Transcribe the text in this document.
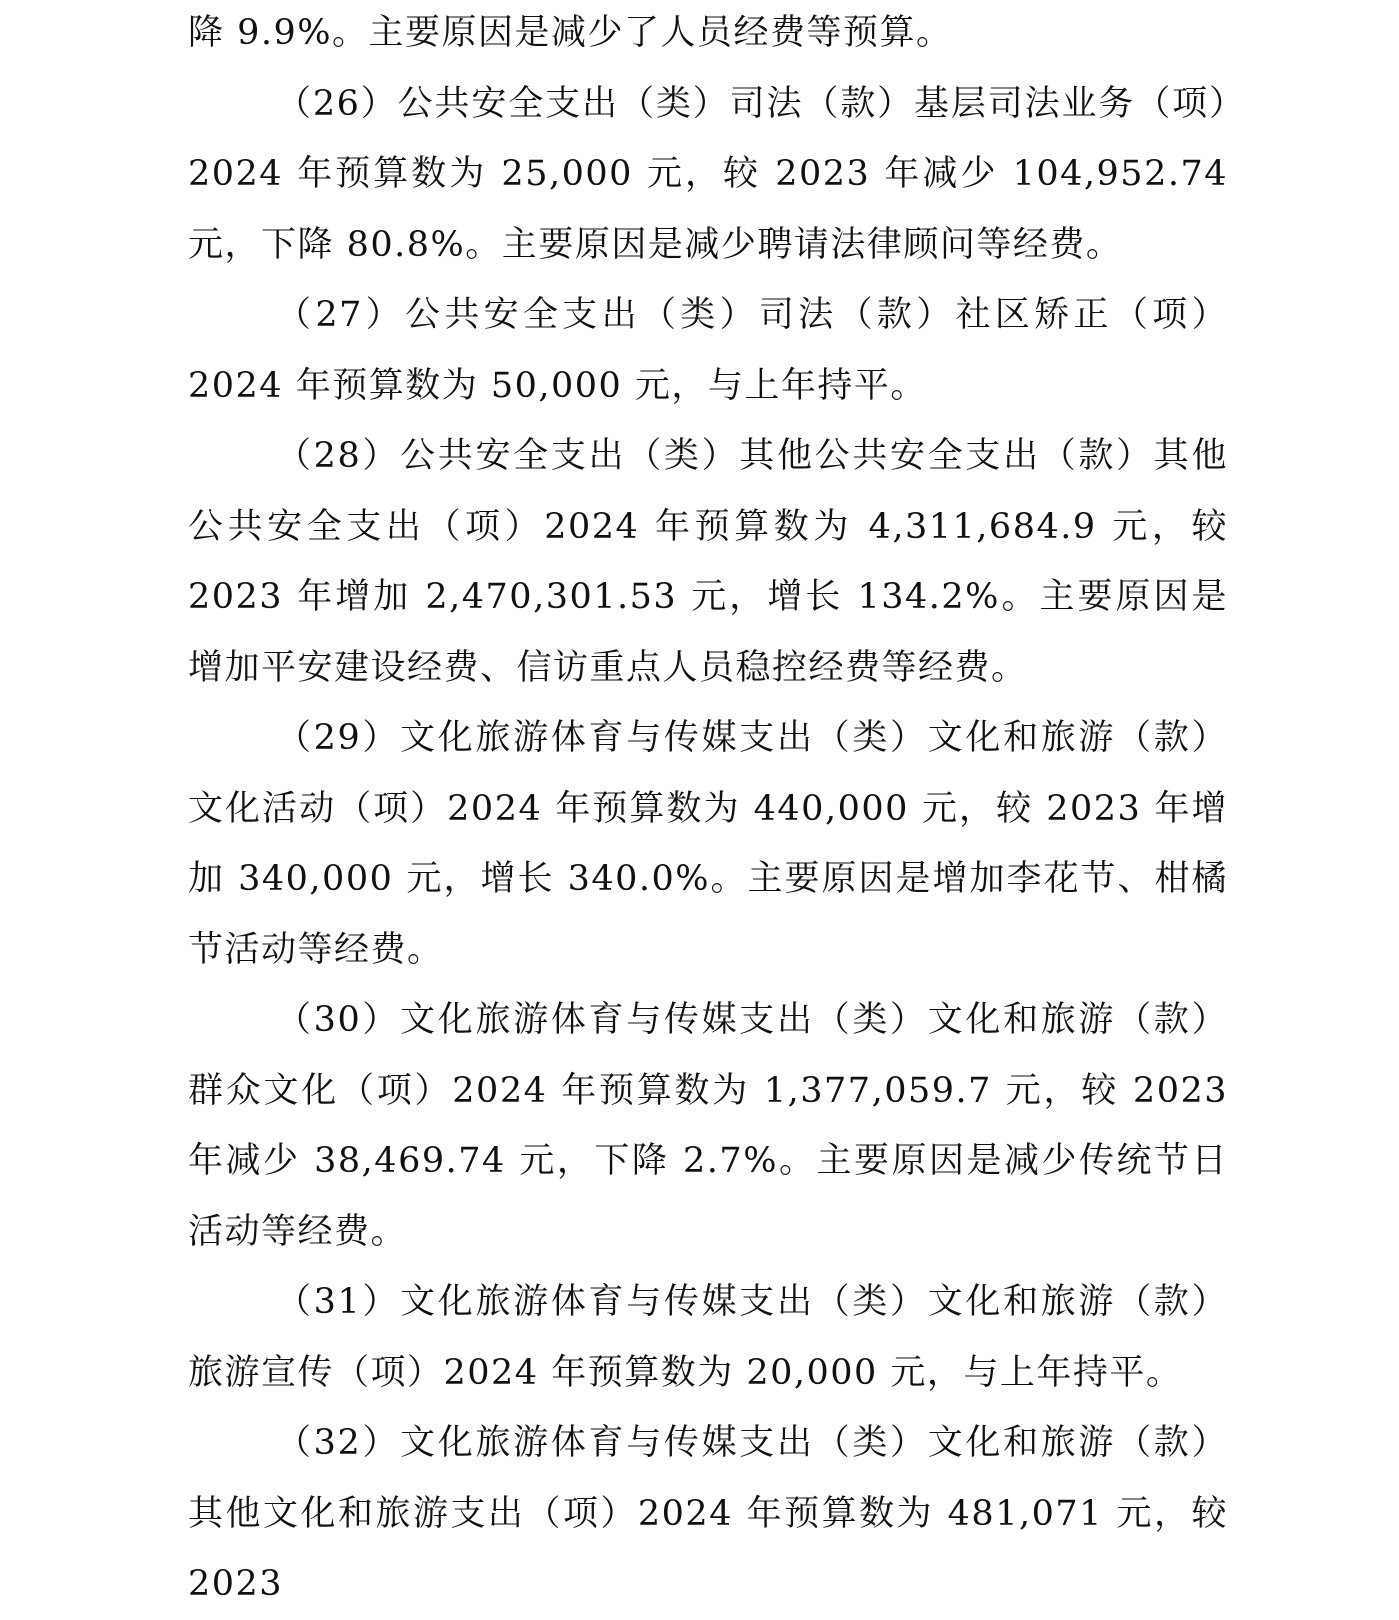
降 9.9%。主要原因是减少了人员经费等预算。

（26）公共安全支出（类）司法（款）基层司法业务（项）2024 年预算数为 25,000 元，较 2023 年减少 104,952.74 元，下降 80.8%。主要原因是减少聘请法律顾问等经费。

（27）公共安全支出（类）司法（款）社区矫正（项）2024 年预算数为 50,000 元，与上年持平。

（28）公共安全支出（类）其他公共安全支出（款）其他公共安全支出（项）2024 年预算数为 4,311,684.9 元，较 2023 年增加 2,470,301.53 元，增长 134.2%。主要原因是增加平安建设经费、信访重点人员稳控经费等经费。

（29）文化旅游体育与传媒支出（类）文化和旅游（款）文化活动（项）2024 年预算数为 440,000 元，较 2023 年增加 340,000 元，增长 340.0%。主要原因是增加李花节、柑橘节活动等经费。

（30）文化旅游体育与传媒支出（类）文化和旅游（款）群众文化（项）2024 年预算数为 1,377,059.7 元，较 2023 年减少 38,469.74 元，下降 2.7%。主要原因是减少传统节日活动等经费。

（31）文化旅游体育与传媒支出（类）文化和旅游（款）旅游宣传（项）2024 年预算数为 20,000 元，与上年持平。

（32）文化旅游体育与传媒支出（类）文化和旅游（款）其他文化和旅游支出（项）2024 年预算数为 481,071 元，较 2023
